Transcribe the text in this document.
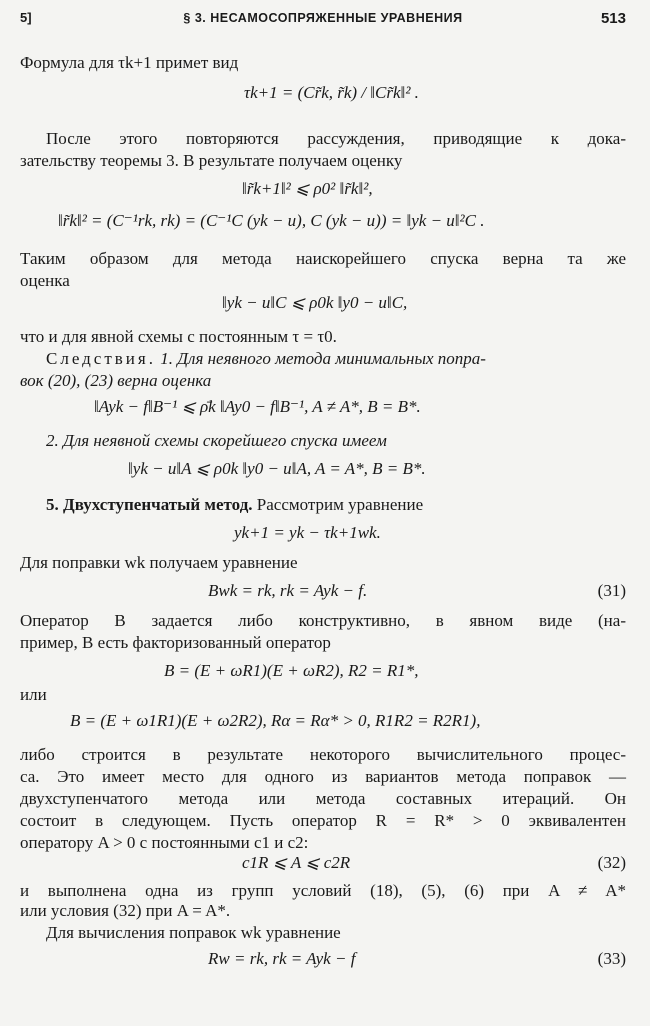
5]	§ 3. НЕСАМОСОПРЯЖЕННЫЕ УРАВНЕНИЯ	513
Формула для τk+1 примет вид
τk+1 = (Cr̃k, r̃k) / ‖Cr̃k‖² .
После этого повторяются рассуждения, приводящие к дока-
зательству теоремы 3. В результате получаем оценку
‖r̃k+1‖² ⩽ ρ0² ‖r̃k‖²,
‖r̃k‖² = (C⁻¹rk, rk) = (C⁻¹C (yk − u), C (yk − u)) = ‖yk − u‖²C .
Таким образом для метода наискорейшего спуска верна та же
оценка
‖yk − u‖C ⩽ ρ0k ‖y0 − u‖C,
что и для явной схемы с постоянным τ = τ0.
Следствия. 1. Для неявного метода минимальных попра-
вок (20), (23) верна оценка
‖Ayk − f‖B⁻¹ ⩽ ρ̄k ‖Ay0 − f‖B⁻¹, A ≠ A*, B = B*.
2. Для неявной схемы скорейшего спуска имеем
‖yk − u‖A ⩽ ρ0k ‖y0 − u‖A, A = A*, B = B*.
5. Двухступенчатый метод. Рассмотрим уравнение
yk+1 = yk − τk+1wk.
Для поправки wk получаем уравнение
Bwk = rk, rk = Ayk − f.	(31)
Оператор B задается либо конструктивно, в явном виде (на-
пример, B есть факторизованный оператор
B = (E + ωR1)(E + ωR2), R2 = R1*,
или
B = (E + ω1R1)(E + ω2R2), Rα = Rα* > 0, R1R2 = R2R1),
либо строится в результате некоторого вычислительного процес-
са. Это имеет место для одного из вариантов метода поправок —
двухступенчатого метода или метода составных итераций. Он
состоит в следующем. Пусть оператор R = R* > 0 эквивалентен
оператору A > 0 с постоянными c1 и c2:
c1R ⩽ A ⩽ c2R	(32)
и выполнена одна из групп условий (18), (5), (6) при A ≠ A*
или условия (32) при A = A*.
Для вычисления поправок wk уравнение
Rw = rk, rk = Ayk − f	(33)
